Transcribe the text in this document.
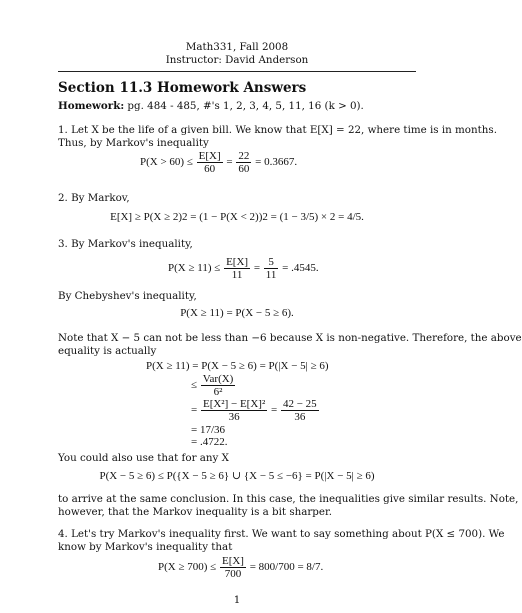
Math331, Fall 2008
Instructor: David Anderson
Section 11.3 Homework Answers
Homework: pg. 484 - 485, #'s 1, 2, 3, 4, 5, 11, 16 (k > 0).
1. Let X be the life of a given bill. We know that E[X] = 22, where time is in months.
Thus, by Markov's inequality
$P(X > 60) \le \frac{E[X]}{60} = \frac{22}{60} = 0.3667$.
2. By Markov,
E[X] ≥ P(X ≥ 2)2 = (1 − P(X < 2))2 = (1 − 3/5) × 2 = 4/5.
3. By Markov's inequality,
$P(X \ge 11) \le \frac{E[X]}{11} = \frac{5}{11} = .4545$.
By Chebyshev's inequality,
P(X ≥ 11) = P(X − 5 ≥ 6).
Note that X − 5 can not be less than −6 because X is non-negative. Therefore, the above
equality is actually
P(X ≥ 11) = P(X − 5 ≥ 6) = P(|X − 5| ≥ 6)
≤ $\frac{\text{Var(X)}}{\text{6²}}$
= $\frac{\text{E[X²] − E[X]²}}{36} = \frac{42 - 25}{36}$
= 17/36
= .4722.
You could also use that for any X
P(X − 5 ≥ 6) ≤ P({X − 5 ≥ 6} ∪ {X − 5 ≤ −6} = P(|X − 5| ≥ 6)
to arrive at the same conclusion. In this case, the inequalities give similar results. Note,
however, that the Markov inequality is a bit sharper.
4. Let's try Markov's inequality first. We want to say something about P(X ≤ 700). We
know by Markov's inequality that
$P(X \ge 700) \le \frac{E[X]}{700} = 800/700 = 8/7$.
1
